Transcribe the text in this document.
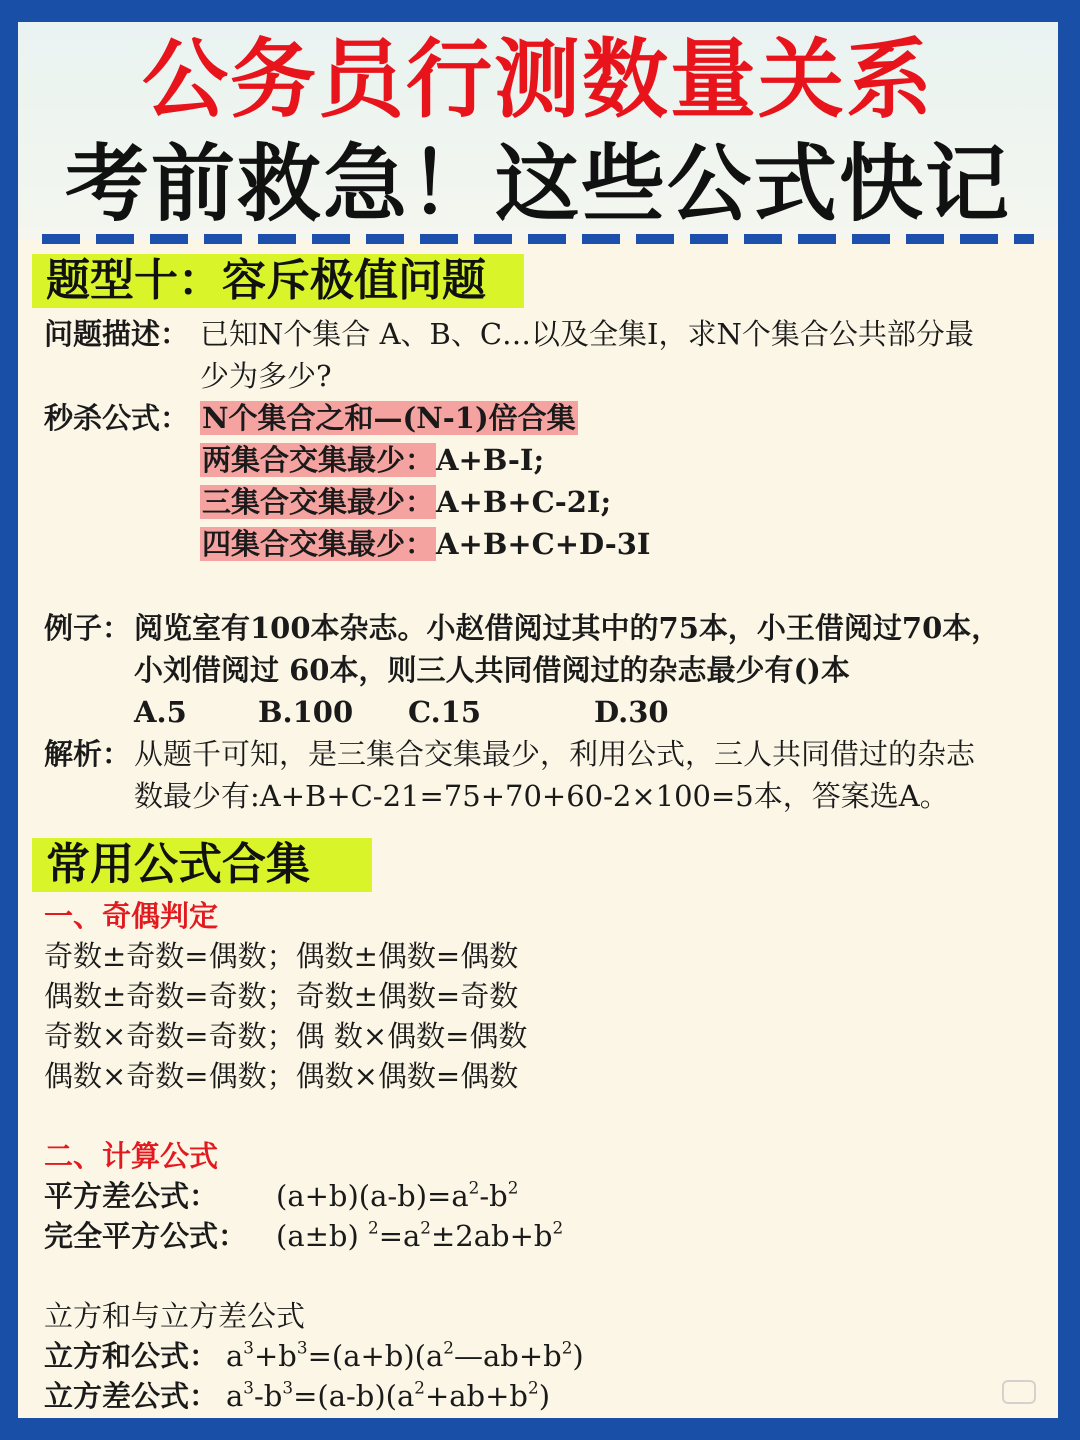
公务员行测数量关系
考前救急！这些公式快记
题型十：容斥极值问题
问题描述： 已知N个集合 A、B、C…以及全集I，求N个集合公共部分最
少为多少?
秒杀公式： N个集合之和—(N-1)倍合集
两集合交集最少：A+B-I;
三集合交集最少：A+B+C-2I;
四集合交集最少：A+B+C+D-3I
例子： 阅览室有100本杂志。小赵借阅过其中的75本，小王借阅过70本，
小刘借阅过 60本，则三人共同借阅过的杂志最少有()本
A.5 B.100 C.15	D.30
解析： 从题千可知，是三集合交集最少，利用公式，三人共同借过的杂志
数最少有:A+B+C-21=75+70+60-2×100=5本，答案选A。
常用公式合集
一、奇偶判定
奇数±奇数=偶数；偶数±偶数=偶数
偶数±奇数=奇数；奇数±偶数=奇数
奇数×奇数=奇数；偶 数×偶数=偶数
偶数×奇数=偶数；偶数×偶数=偶数
二、计算公式
平方差公式： $(a+b)(a-b)=a^2-b^2$
完全平方公式： (a±b) $^2=a^2\pm 2ab+b^2$
立方和与立方差公式
立方和公式： $a^3+b^3=(a+b)(a^2—ab+b^2)$
立方差公式： $a^3-b^3=(a-b)(a^2+ab+b^2)$
